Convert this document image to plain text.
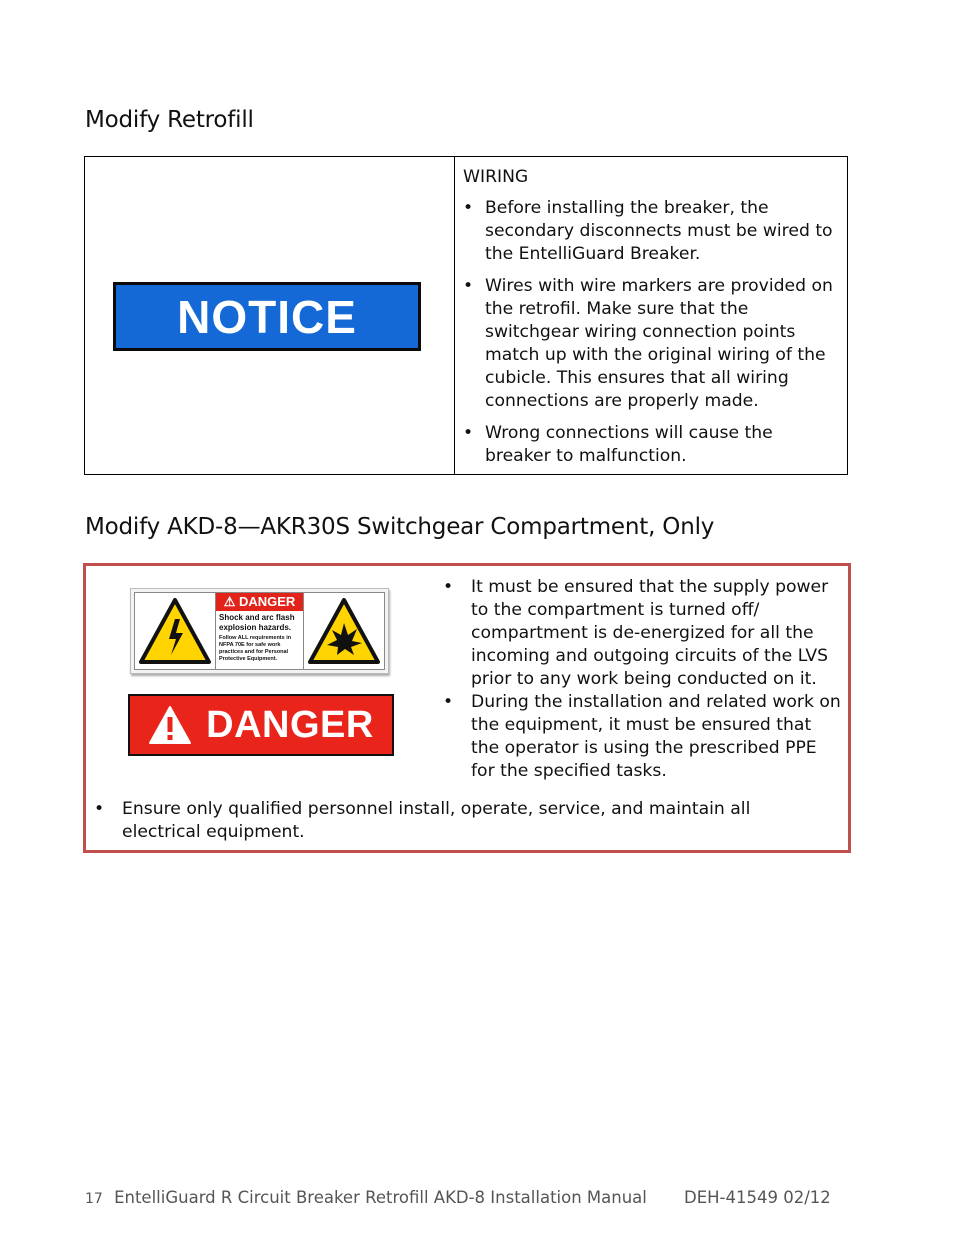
Modify Retrofill
NOTICE
WIRING
• Before installing the breaker, the secondary disconnects must be wired to the EntelliGuard Breaker.
• Wires with wire markers are provided on the retrofil. Make sure that the switchgear wiring connection points match up with the original wiring of the cubicle. This ensures that all wiring connections are properly made.
• Wrong connections will cause the breaker to malfunction.
Modify AKD-8—AKR30S Switchgear Compartment, Only
⚠ DANGER
Shock and arc flash explosion hazards.
Follow ALL requirements in NFPA 70E for safe work practices and for Personal Protective Equipment.
DANGER
• It must be ensured that the supply power to the compartment is turned off/ compartment is de-energized for all the incoming and outgoing circuits of the LVS prior to any work being conducted on it.
• During the installation and related work on the equipment, it must be ensured that the operator is using the prescribed PPE for the specified tasks.
• Ensure only qualified personnel install, operate, service, and maintain all electrical equipment.
17 EntelliGuard R Circuit Breaker Retrofill AKD-8 Installation Manual DEH-41549 02/12
